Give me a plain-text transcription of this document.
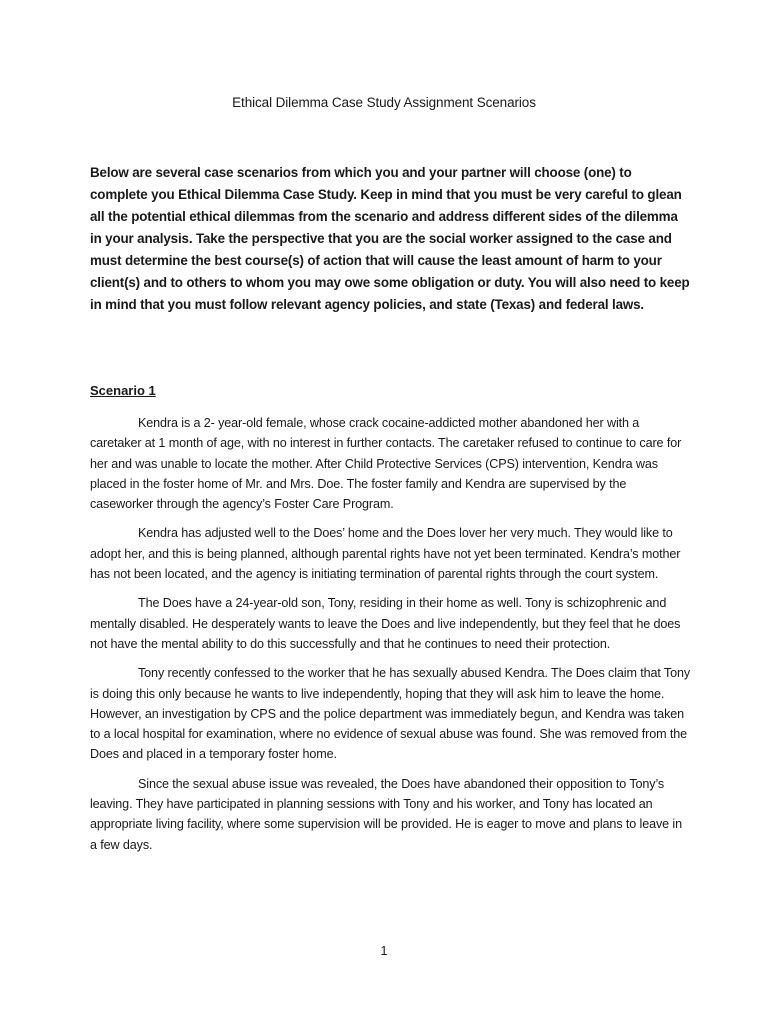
Ethical Dilemma Case Study Assignment Scenarios

Below are several case scenarios from which you and your partner will choose (one) to complete you Ethical Dilemma Case Study. Keep in mind that you must be very careful to glean all the potential ethical dilemmas from the scenario and address different sides of the dilemma in your analysis. Take the perspective that you are the social worker assigned to the case and must determine the best course(s) of action that will cause the least amount of harm to your client(s) and to others to whom you may owe some obligation or duty. You will also need to keep in mind that you must follow relevant agency policies, and state (Texas) and federal laws.

Scenario 1

Kendra is a 2- year-old female, whose crack cocaine-addicted mother abandoned her with a caretaker at 1 month of age, with no interest in further contacts. The caretaker refused to continue to care for her and was unable to locate the mother. After Child Protective Services (CPS) intervention, Kendra was placed in the foster home of Mr. and Mrs. Doe. The foster family and Kendra are supervised by the caseworker through the agency’s Foster Care Program.

Kendra has adjusted well to the Does’ home and the Does lover her very much. They would like to adopt her, and this is being planned, although parental rights have not yet been terminated. Kendra’s mother has not been located, and the agency is initiating termination of parental rights through the court system.

The Does have a 24-year-old son, Tony, residing in their home as well. Tony is schizophrenic and mentally disabled. He desperately wants to leave the Does and live independently, but they feel that he does not have the mental ability to do this successfully and that he continues to need their protection.

Tony recently confessed to the worker that he has sexually abused Kendra. The Does claim that Tony is doing this only because he wants to live independently, hoping that they will ask him to leave the home. However, an investigation by CPS and the police department was immediately begun, and Kendra was taken to a local hospital for examination, where no evidence of sexual abuse was found. She was removed from the Does and placed in a temporary foster home.

Since the sexual abuse issue was revealed, the Does have abandoned their opposition to Tony’s leaving. They have participated in planning sessions with Tony and his worker, and Tony has located an appropriate living facility, where some supervision will be provided. He is eager to move and plans to leave in a few days.

1
